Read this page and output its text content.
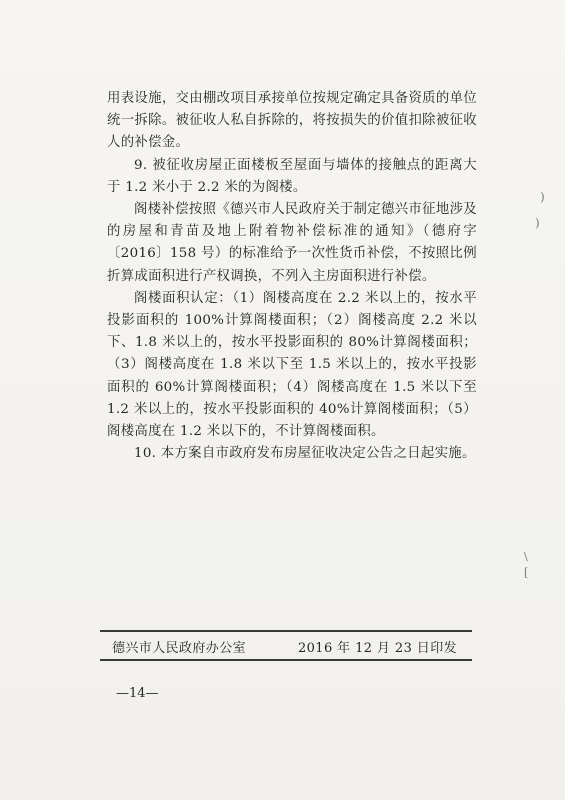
用表设施，交由棚改项目承接单位按规定确定具备资质的单位统一拆除。被征收人私自拆除的，将按损失的价值扣除被征收人的补偿金。

9. 被征收房屋正面楼板至屋面与墙体的接触点的距离大于 1.2 米小于 2.2 米的为阁楼。

阁楼补偿按照《德兴市人民政府关于制定德兴市征地涉及的房屋和青苗及地上附着物补偿标准的通知》（德府字〔2016〕158 号）的标准给予一次性货币补偿，不按照比例折算成面积进行产权调换，不列入主房面积进行补偿。

阁楼面积认定：（1）阁楼高度在 2.2 米以上的，按水平投影面积的 100%计算阁楼面积；（2）阁楼高度 2.2 米以下、1.8 米以上的，按水平投影面积的 80%计算阁楼面积；（3）阁楼高度在 1.8 米以下至 1.5 米以上的，按水平投影面积的 60%计算阁楼面积；（4）阁楼高度在 1.5 米以下至 1.2 米以上的，按水平投影面积的 40%计算阁楼面积；（5）阁楼高度在 1.2 米以下的，不计算阁楼面积。

10. 本方案自市政府发布房屋征收决定公告之日起实施。

)
)
\
[
德兴市人民政府办公室	2016 年 12 月 23 日印发
—14—
